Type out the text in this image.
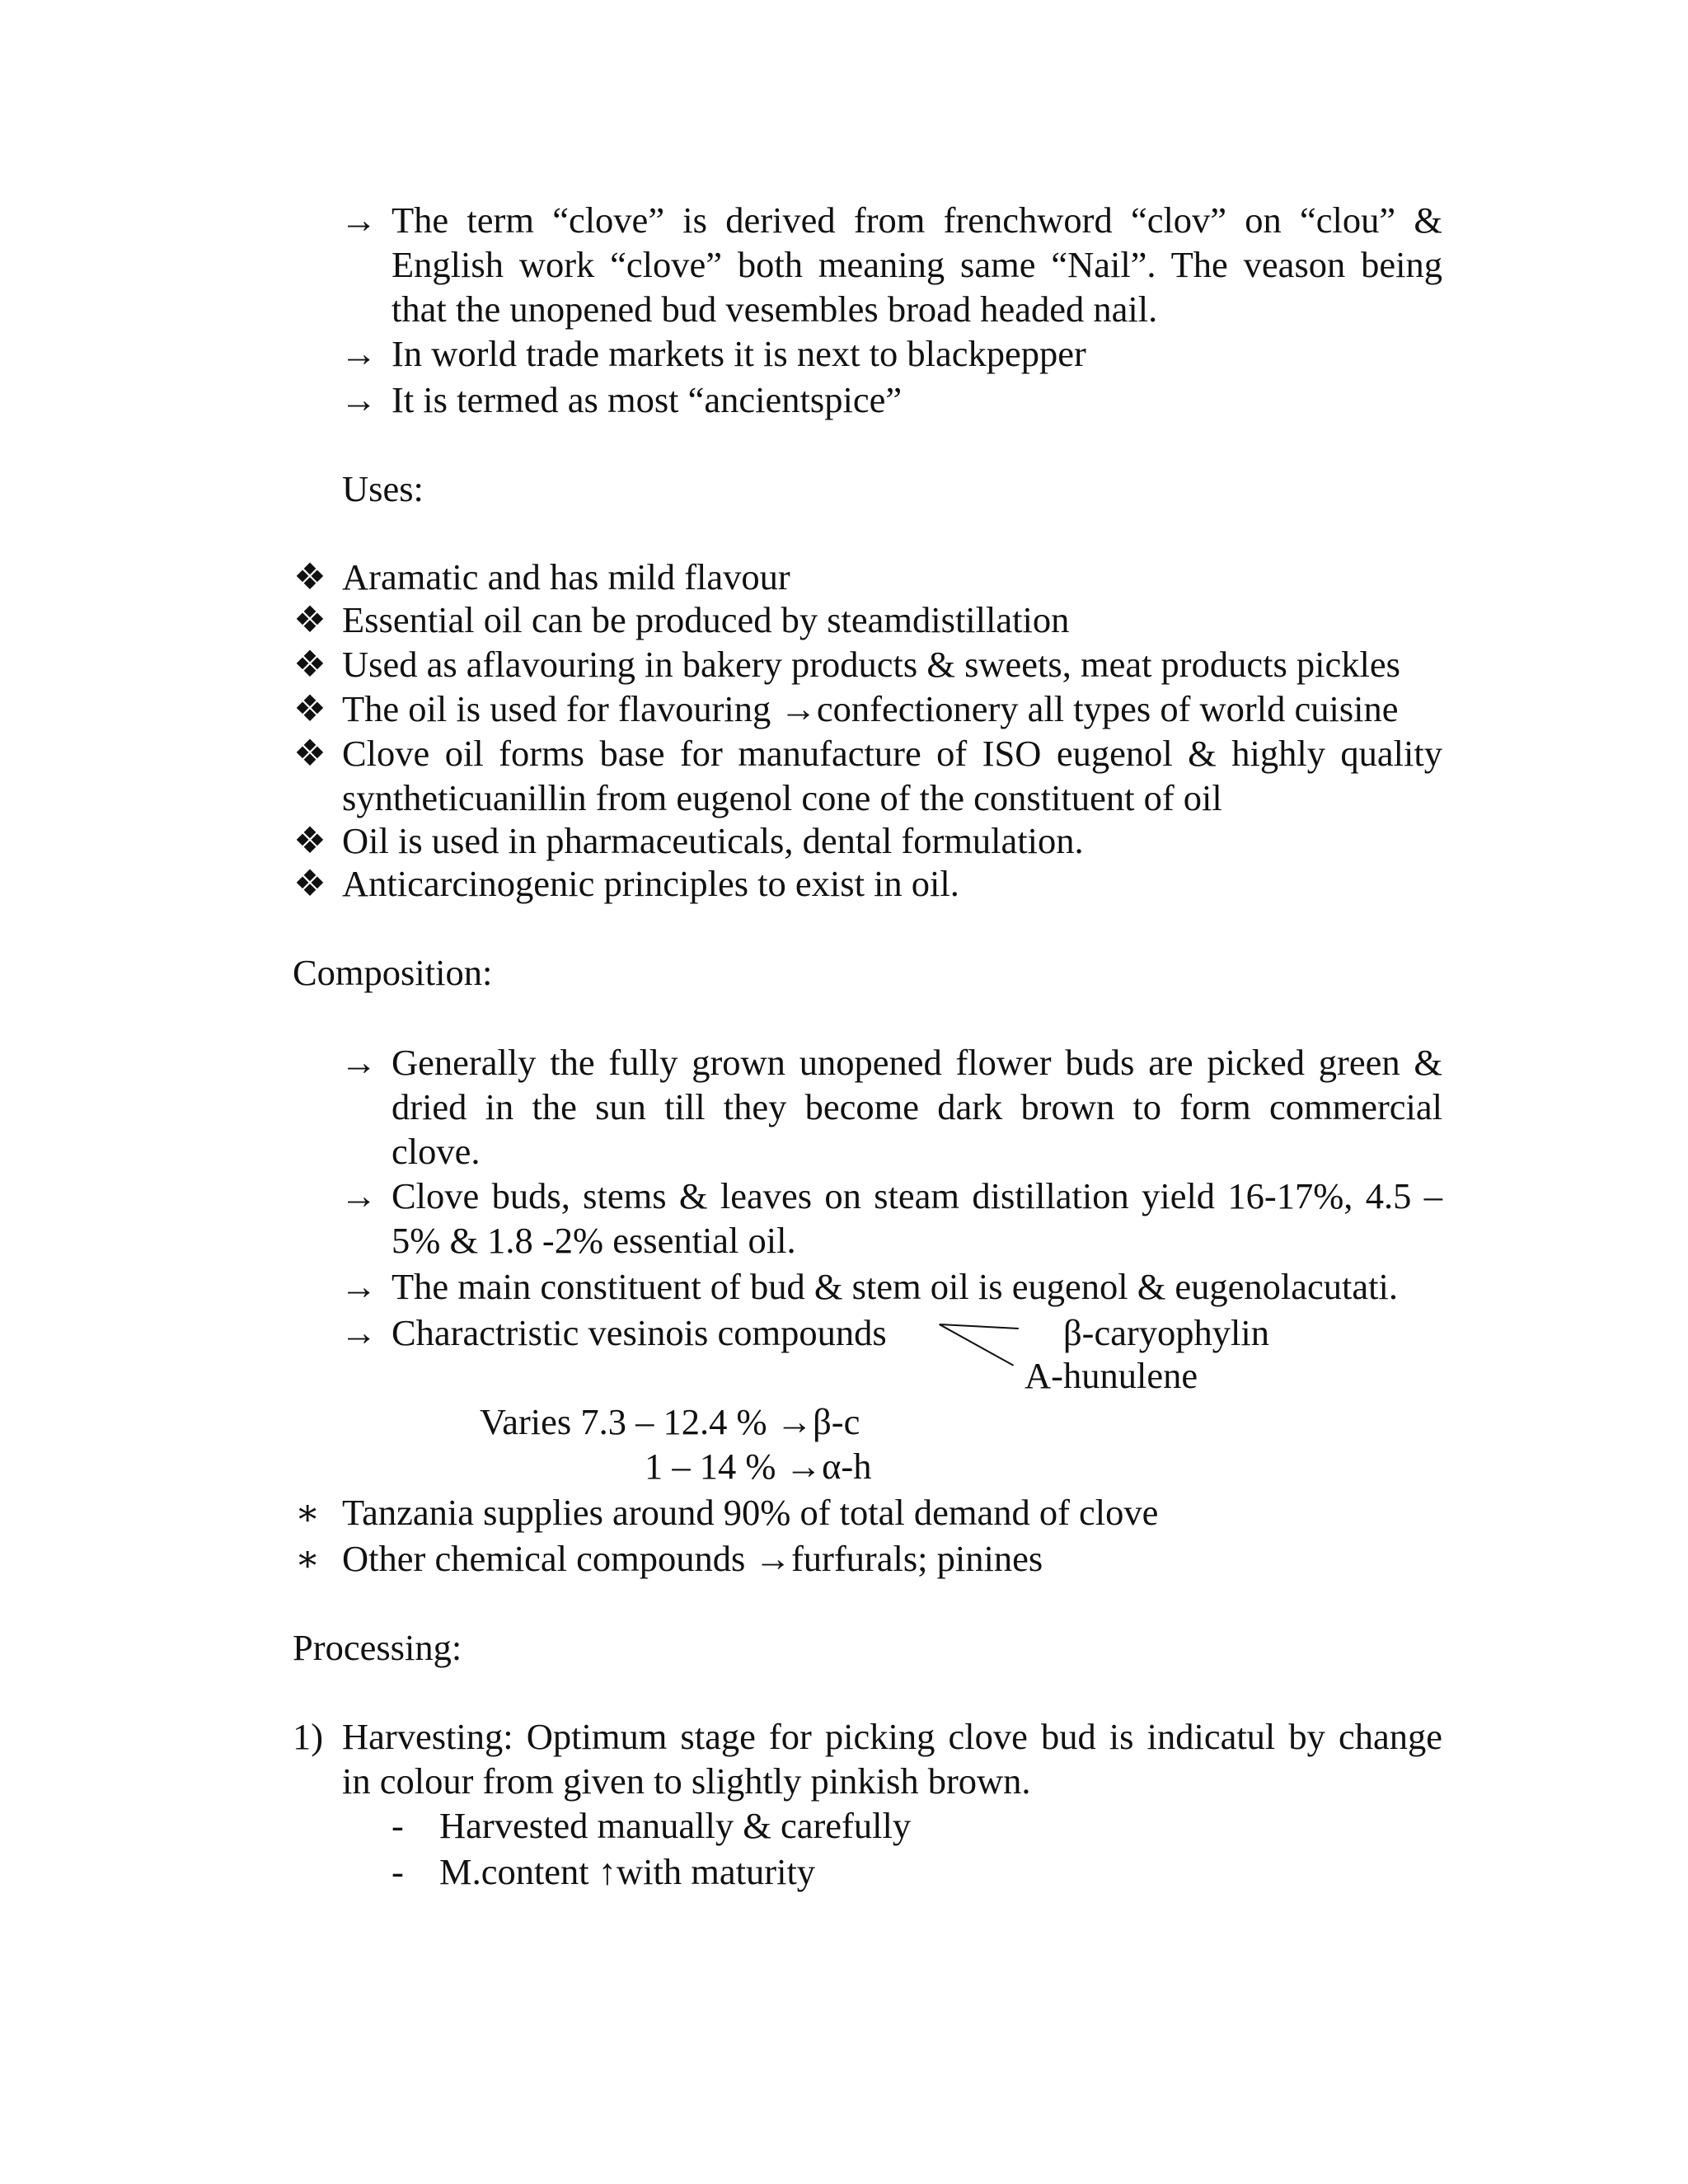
→ The term “clove” is derived from frenchword “clov” on “clou” &
English work “clove” both meaning same “Nail”. The veason being
that the unopened bud vesembles broad headed nail.
→ In world trade markets it is next to blackpepper
→ It is termed as most “ancientspice”
Uses:
❖ Aramatic and has mild flavour
❖ Essential oil can be produced by steamdistillation
❖ Used as aflavouring in bakery products & sweets, meat products pickles
❖ The oil is used for flavouring →confectionery all types of world cuisine
❖ Clove oil forms base for manufacture of ISO eugenol & highly quality
syntheticuanillin from eugenol cone of the constituent of oil
❖ Oil is used in pharmaceuticals, dental formulation.
❖ Anticarcinogenic principles to exist in oil.
Composition:
→ Generally the fully grown unopened flower buds are picked green &
dried in the sun till they become dark brown to form commercial
clove.
→ Clove buds, stems & leaves on steam distillation yield 16-17%, 4.5 –
5% & 1.8 -2% essential oil.
→ The main constituent of bud & stem oil is eugenol & eugenolacutati.
→ Charactristic vesinois compounds	β-caryophylin
A-hunulene
Varies 7.3 – 12.4 % →β-c
1 – 14 % →α-h
∗ Tanzania supplies around 90% of total demand of clove
∗ Other chemical compounds →furfurals; pinines
Processing:
1) Harvesting: Optimum stage for picking clove bud is indicatul by change
in colour from given to slightly pinkish brown.
- Harvested manually & carefully
- M.content ↑with maturity
